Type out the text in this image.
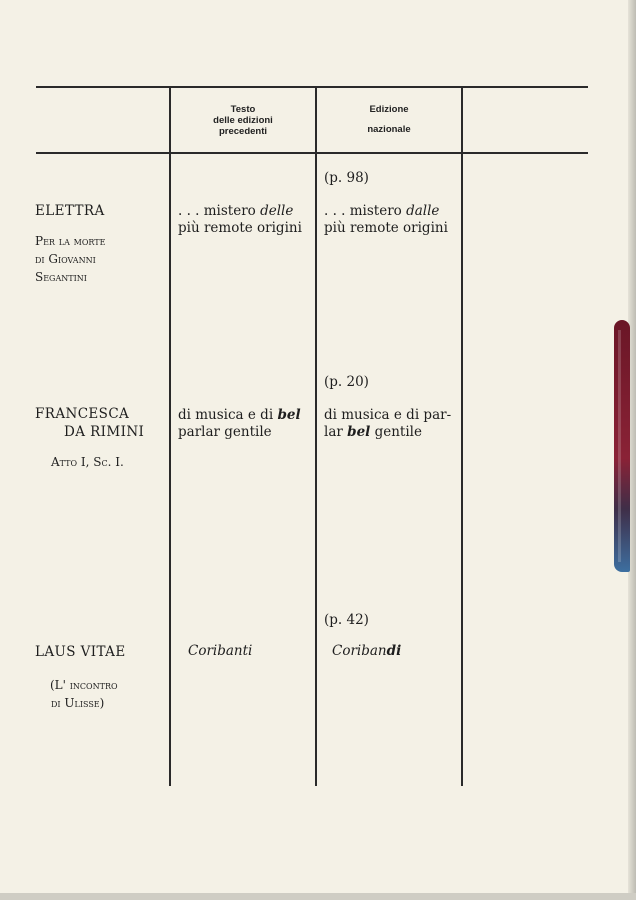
Testo
delle edizioni
precedenti
Edizione
nazionale
(p. 98)
ELETTRA
Per la morte
di Giovanni
Segantini
. . . mistero delle
più remote origini
. . . mistero dalle
più remote origini
(p. 20)
FRANCESCA
DA RIMINI
Atto I, Sc. I.
di musica e di bel
parlar gentile
di musica e di par-
lar bel gentile
(p. 42)
LAUS VITAE
(L' incontro
di Ulisse)
Coribanti	Coribandi
